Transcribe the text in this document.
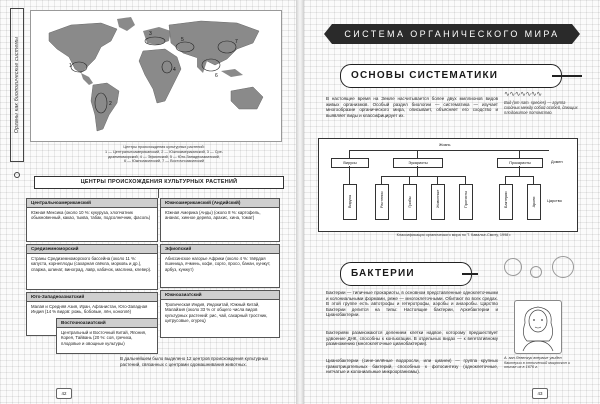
Органы как биологические системы	1
2
3
4
5
6
7
Центры происхождения культурных растений:
1 — Центральноамериканский, 2 — Южноамериканский, 3 — Сре-
диземноморский, 4 — Эфиопский, 5 — Юго-Западноазиатский,
6 — Южноазиатский, 7 — Восточноазиатский
ЦЕНТРЫ ПРОИСХОЖДЕНИЯ КУЛЬТУРНЫХ РАСТЕНИЙ
Центральноамериканский
Южная Мексика (около 10 %: кукуруза, хлопчатник обыкновенный, какао, тыква, табак, подсолнечник, фасоль)
Средиземноморский
Страны Средиземноморского бассейна (около 11 %: капуста, корнеплоды (сахарная свёкла, морковь и др.), спаржа, шпинат, виноград, лавр, кабачок, маслина, клевер).
Юго-Западноазиатский
Малая и Средняя Азия, Иран, Афганистан, Юго-Западная Индия (14 % видов: рожь, бобовые, лён, коноплё)
Южноамериканский (Андийский)
Южная Америка (Анды) (около 8 %: картофель, ананас, хинное дерево, арахис, хина, томат)
Эфиопский
Абиссинское нагорье Африки (около 4 %: твёрдая пшеница, ячмень, кофе, сорго, просо, банан, кунжут, арбуз, кунжут)
Южноазиатский
Тропическая Индия, Индокитай, Южный Китай, Малайзия (около 33 % от общего числа видов культурных растений: рис, чай, сахарный тростник, цитрусовые, огурец)
Восточноазиатский
Центральный и Восточный Китай, Япония, Корея, Тайвань (20 %: соя, гречиха, плодовые и овощные культуры)
В дальнейшем было выделено 12 центров происхождения культурных растений, связанных с центрами одомашнивания животных.
42
СИСТЕМА ОРГАНИЧЕСКОГО МИРА
ОСНОВЫ СИСТЕМАТИКИ
В настоящее время на Земле насчитывается более двух миллионов видов живых организмов. Особый раздел биологии — систематика — изучает многообразие органического мира, описывает, объясняет его сходство и выявляет виды и классифицирует их.
Вид (от лат. species) — группа сходных между собой особей, дающих плодовитое потомство.
∿∿∿∿∿∿∿
Жизнь
Вирусы	Эукариоты	Прокариоты	Домен
Вирусы	Растения	Грибы	Животные	Протисты	Бактерии	Археи	Царство
Классификация органического мира по Т. Кавалье-Смиту, 1998 г.
БАКТЕРИИ
Бактерии — типичные прокариоты, в основном представленные одноклеточными и колониальными формами, реже — многоклеточными. Обитают во всех средах. В этой группе есть автотрофы и гетеротрофы, аэробы и анаэробы. Царство Бактерии делится на типы: Настоящие бактерии, Архебактерии и Цианобактерии.
Бактериям размножаются делением клетки надвое, которому предшествует удвоение ДНК, способны к конъюгации. В отдельных видах — к вегетативному размножению (многоклеточные цианобактерии).
Цианобактерии (сине-зелёные водоросли, или цианеи) — группа крупных грамотрицательных бактерий, способных к фотосинтезу (одноклеточные, нитчатые и колониальные микроорганизмы).
А. ван Левенгук впервые увидел бактерии в оптический микроскоп и описал их в 1676 г.
43
